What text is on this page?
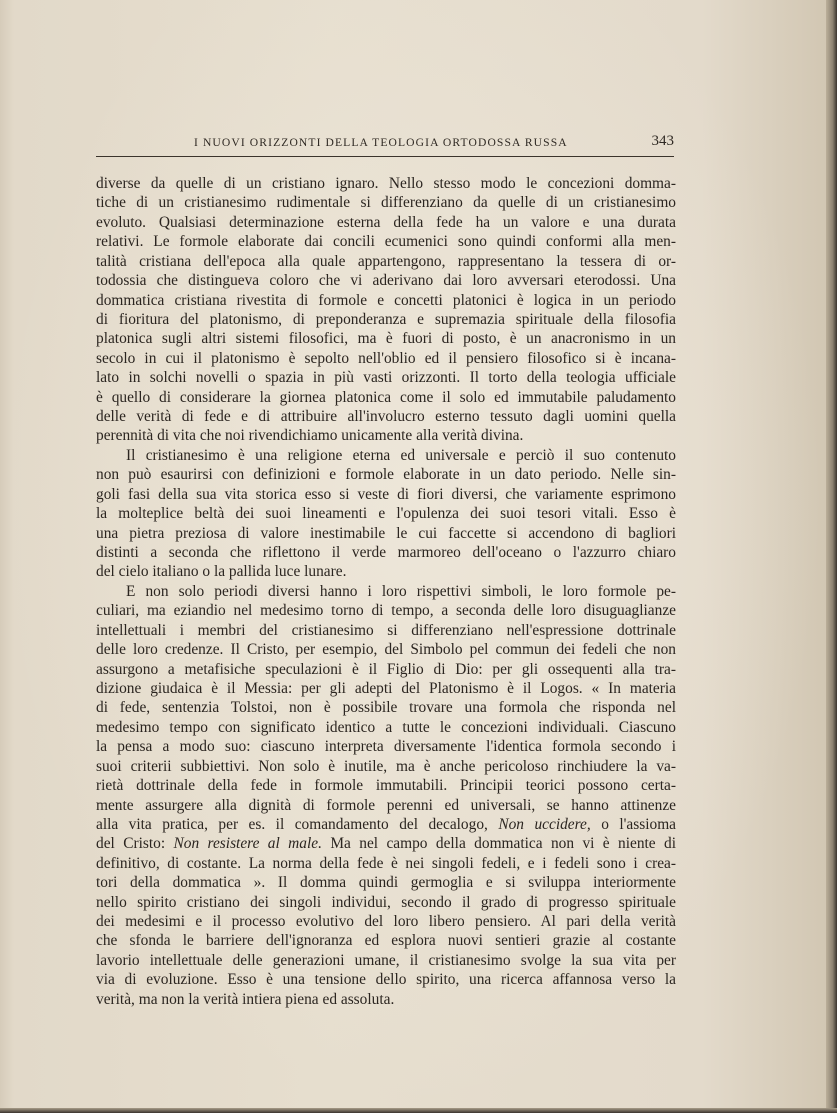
I NUOVI ORIZZONTI DELLA TEOLOGIA ORTODOSSA RUSSA	343
diverse da quelle di un cristiano ignaro. Nello stesso modo le concezioni domma-
tiche di un cristianesimo rudimentale si differenziano da quelle di un cristianesimo
evoluto. Qualsiasi determinazione esterna della fede ha un valore e una durata
relativi. Le formole elaborate dai concili ecumenici sono quindi conformi alla men-
talità cristiana dell'epoca alla quale appartengono, rappresentano la tessera di or-
todossia che distingueva coloro che vi aderivano dai loro avversari eterodossi. Una
dommatica cristiana rivestita di formole e concetti platonici è logica in un periodo
di fioritura del platonismo, di preponderanza e supremazia spirituale della filosofia
platonica sugli altri sistemi filosofici, ma è fuori di posto, è un anacronismo in un
secolo in cui il platonismo è sepolto nell'oblio ed il pensiero filosofico si è incana-
lato in solchi novelli o spazia in più vasti orizzonti. Il torto della teologia ufficiale
è quello di considerare la giornea platonica come il solo ed immutabile paludamento
delle verità di fede e di attribuire all'involucro esterno tessuto dagli uomini quella
perennità di vita che noi rivendichiamo unicamente alla verità divina.
Il cristianesimo è una religione eterna ed universale e perciò il suo contenuto
non può esaurirsi con definizioni e formole elaborate in un dato periodo. Nelle sin-
goli fasi della sua vita storica esso si veste di fiori diversi, che variamente esprimono
la molteplice beltà dei suoi lineamenti e l'opulenza dei suoi tesori vitali. Esso è
una pietra preziosa di valore inestimabile le cui faccette si accendono di bagliori
distinti a seconda che riflettono il verde marmoreo dell'oceano o l'azzurro chiaro
del cielo italiano o la pallida luce lunare.
E non solo periodi diversi hanno i loro rispettivi simboli, le loro formole pe-
culiari, ma eziandio nel medesimo torno di tempo, a seconda delle loro disuguaglianze
intellettuali i membri del cristianesimo si differenziano nell'espressione dottrinale
delle loro credenze. Il Cristo, per esempio, del Simbolo pel commun dei fedeli che non
assurgono a metafisiche speculazioni è il Figlio di Dio: per gli ossequenti alla tra-
dizione giudaica è il Messia: per gli adepti del Platonismo è il Logos. « In materia
di fede, sentenzia Tolstoi, non è possibile trovare una formola che risponda nel
medesimo tempo con significato identico a tutte le concezioni individuali. Ciascuno
la pensa a modo suo: ciascuno interpreta diversamente l'identica formola secondo i
suoi criterii subbiettivi. Non solo è inutile, ma è anche pericoloso rinchiudere la va-
rietà dottrinale della fede in formole immutabili. Principii teorici possono certa-
mente assurgere alla dignità di formole perenni ed universali, se hanno attinenze
alla vita pratica, per es. il comandamento del decalogo, Non uccidere, o l'assioma
del Cristo: Non resistere al male. Ma nel campo della dommatica non vi è niente di
definitivo, di costante. La norma della fede è nei singoli fedeli, e i fedeli sono i crea-
tori della dommatica ». Il domma quindi germoglia e si sviluppa interiormente
nello spirito cristiano dei singoli individui, secondo il grado di progresso spirituale
dei medesimi e il processo evolutivo del loro libero pensiero. Al pari della verità
che sfonda le barriere dell'ignoranza ed esplora nuovi sentieri grazie al costante
lavorio intellettuale delle generazioni umane, il cristianesimo svolge la sua vita per
via di evoluzione. Esso è una tensione dello spirito, una ricerca affannosa verso la
verità, ma non la verità intiera piena ed assoluta.
